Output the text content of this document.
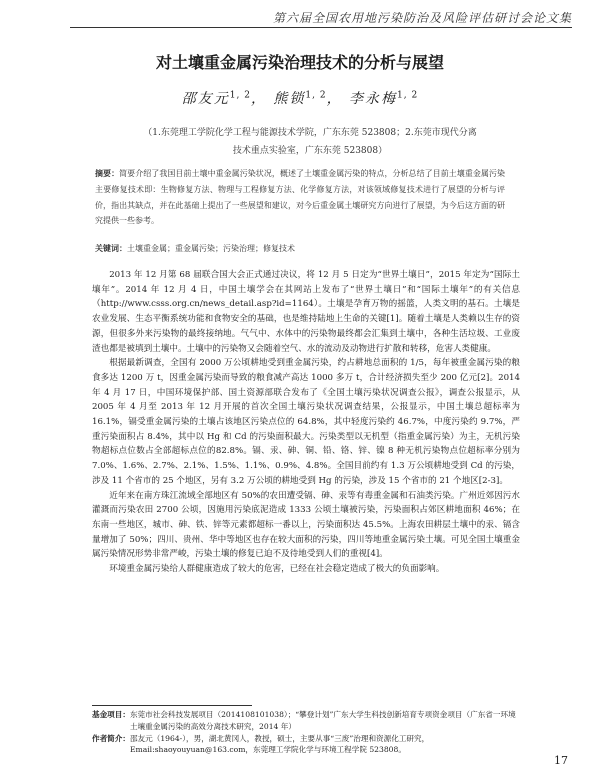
第六届全国农用地污染防治及风险评估研讨会论文集
对土壤重金属污染治理技术的分析与展望
邵友元$^{1, 2}$， 熊锁$^{1, 2}$， 李永梅$^{1, 2}$
（1.东莞理工学院化学工程与能源技术学院，广东东莞 523808；2.东莞市现代分离
技术重点实验室，广东东莞 523808）
摘要：简要介绍了我国目前土壤中重金属污染状况，概述了土壤重金属污染的特点，分析总结了目前土壤重金属污染主要修复技术即：生物修复方法、物理与工程修复方法、化学修复方法，对该领域修复技术进行了展望的分析与评价，指出其缺点，并在此基础上提出了一些展望和建议，对今后重金属土壤研究方向进行了展望，为今后这方面的研究提供一些参考。
关键词：土壤重金属；重金属污染；污染治理；修复技术

2013 年 12 月第 68 届联合国大会正式通过决议，将 12 月 5 日定为“世界土壤日”，2015 年定为“国际土壤年”。2014 年 12 月 4 日，中国土壤学会在其网站上发布了“世界土壤日”和“国际土壤年”的有关信息（http://www.csss.org.cn/news_detail.asp?id=1164）。土壤是孕育万物的摇篮，人类文明的基石。土壤是农业发展、生态平衡系统功能和食物安全的基础，也是维持陆地上生命的关键[1]。随着土壤是人类赖以生存的资源，但很多外来污染物的最终接纳地。气气中、水体中的污染物最终都会汇集到土壤中，各种生活垃圾、工业废渣也都是被填到土壤中。土壤中的污染物又会随着空气、水的流动及动物进行扩散和转移，危害人类健康。

根据最新调查，全国有 2000 万公顷耕地受到重金属污染，约占耕地总面积的 1/5，每年被重金属污染的粮食多达 1200 万 t，因重金属污染而导致的粮食减产高达 1000 多万 t，合计经济损失至少 200 亿元[2]。2014 年 4 月 17 日，中国环境保护部、国土资源部联合发布了《全国土壤污染状况调查公报》，调查公报显示，从 2005 年 4 月至 2013 年 12 月开展的首次全国土壤污染状况调查结果，公报显示，中国土壤总超标率为16.1%，镉受重金属污染的土壤占该地区污染点位的 64.8%，其中轻度污染约 46.7%，中度污染约 9.7%，严重污染面积占 8.4%，其中以 Hg 和 Cd 的污染面积最大。污染类型以无机型（指重金属污染）为主，无机污染物超标点位数占全部超标点位的82.8%。镉、汞、砷、铜、铅、铬、锌、镍 8 种无机污染物点位超标率分别为 7.0%、1.6%、2.7%、2.1%、1.5%、1.1%、0.9%、4.8%。全国目前约有 1.3 万公顷耕地受到 Cd 的污染，涉及 11 个省市的 25 个地区，另有 3.2 万公顷的耕地受到 Hg 的污染，涉及 15 个省市的 21 个地区[2-3]。

近年来在南方珠江流域全部地区有 50%的农田遭受镉、砷、汞等有毒重金属和石油类污染。广州近郊因污水灌溉而污染农田 2700 公顷，因施用污染底泥造成 1333 公顷土壤被污染，污染面积占郊区耕地面积 46%；在东南一些地区，城市、砷、铁、锌等元素都超标一番以上，污染面积达 45.5%。上海农田耕层土壤中的汞、镉含量增加了 50%；四川、贵州、华中等地区也存在较大面积的污染，四川等地重金属污染土壤。可见全国土壤重金属污染情况形势非常严峻，污染土壤的修复已迫不及待地受到人们的重视[4]。

环境重金属污染给人群健康造成了较大的危害，已经在社会稳定造成了极大的负面影响。

基金项目： 东莞市社会科技发展项目（2014108101038）；“攀登计划”广东大学生科技创新培育专项资金项目（广东省一环境土壤重金属污染的高效分离技术研究，2014 年）
作者简介： 邵友元（1964-），男，湖北黄冈人，教授，硕士，主要从事“三废”治理和资源化工研究，Email:shaoyouyuan@163.com，东莞理工学院化学与环境工程学院 523808。
17
